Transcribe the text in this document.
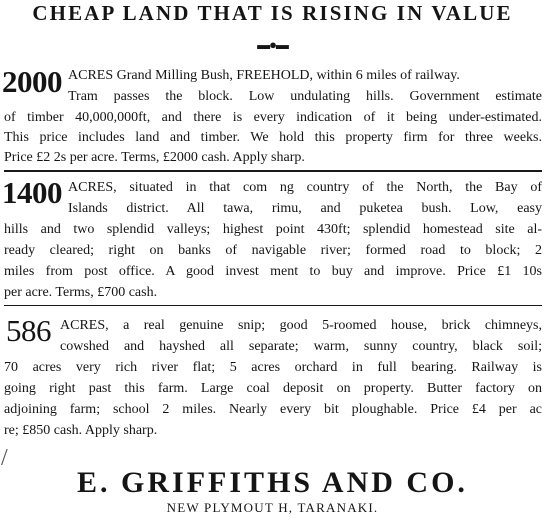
CHEAP LAND THAT IS RISING IN VALUE
▬●▬
2000 ACRES Grand Milling Bush, FREEHOLD, within 6 miles of railway.
Tram passes the block. Low undulating hills. Government estimate
of timber 40,000,000ft, and there is every indication of it being under-estimated.
This price includes land and timber. We hold this property firm for three weeks.
Price £2 2s per acre. Terms, £2000 cash. Apply sharp.
1400 ACRES, situated in that com ng country of the North, the Bay of
Islands district. All tawa, rimu, and puketea bush. Low, easy
hills and two splendid valleys; highest point 430ft; splendid homestead site al-
ready cleared; right on banks of navigable river; formed road to block; 2
miles from post office. A good invest ment to buy and improve. Price £1 10s
per acre. Terms, £700 cash.
586 ACRES, a real genuine snip; good 5-roomed house, brick chimneys,
cowshed and hayshed all separate; warm, sunny country, black soil;
70 acres very rich river flat; 5 acres orchard in full bearing. Railway is
going right past this farm. Large coal deposit on property. Butter factory on
adjoining farm; school 2 miles. Nearly every bit ploughable. Price £4 per ac
re; £850 cash. Apply sharp.
/
E. GRIFFITHS AND CO.
NEW PLYMOUT H, TARANAKI.
